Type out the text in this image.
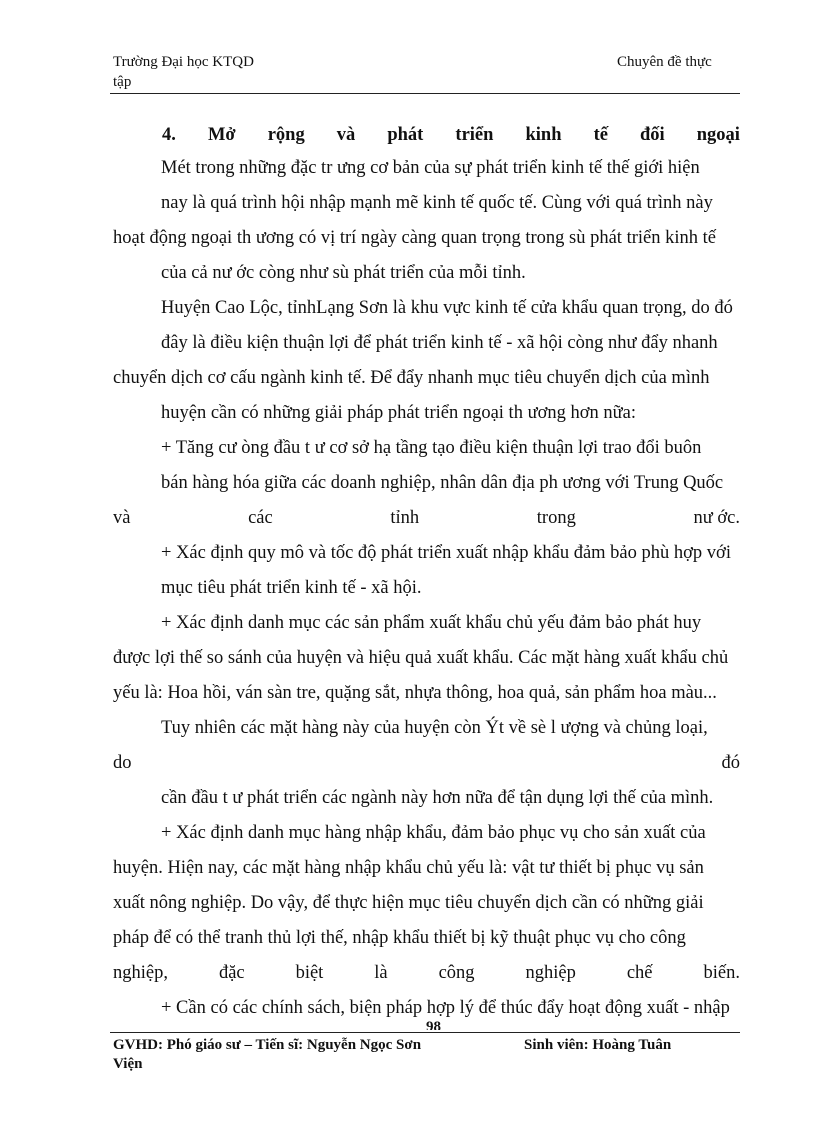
Trường Đại học KTQD
tập
Chuyên đề thực
4. Mở rộng và phát triển kinh tế đối ngoại
Mét trong những đặc tr ưng cơ bản của sự phát triển kinh tế thế giới hiện
nay là quá trình hội nhập mạnh mẽ kinh tế quốc tế. Cùng với quá trình này
hoạt động ngoại th ương có vị trí ngày càng quan trọng trong sù phát triển kinh tế
của cả nư ớc còng như sù phát triển của mỗi tỉnh.
Huyện Cao Lộc, tỉnhLạng Sơn là khu vực kinh tế cửa khẩu quan trọng, do đó
đây là điều kiện thuận lợi để phát triển kinh tế - xã hội còng như đẩy nhanh
chuyển dịch cơ cấu ngành kinh tế. Để đẩy nhanh mục tiêu chuyển dịch của mình
huyện cần có những giải pháp phát triển ngoại th ương hơn nữa:
+ Tăng cư òng đầu t ư cơ sở hạ tầng tạo điều kiện thuận lợi trao đổi buôn
bán hàng hóa giữa các doanh nghiệp, nhân dân địa ph ương với Trung Quốc
và	các	tỉnh	trong	nư ớc.
+ Xác định quy mô và tốc độ phát triển xuất nhập khẩu đảm bảo phù hợp với
mục tiêu phát triển kinh tế - xã hội.
+ Xác định danh mục các sản phẩm xuất khẩu chủ yếu đảm bảo phát huy
được lợi thế so sánh của huyện và hiệu quả xuất khẩu. Các mặt hàng xuất khẩu chủ
yếu là: Hoa hồi, ván sàn tre, quặng sắt, nhựa thông, hoa quả, sản phẩm hoa màu...
Tuy nhiên các mặt hàng này của huyện còn Ýt về sè l ượng và chủng loại,
do	đó
cần đầu t ư phát triển các ngành này hơn nữa để tận dụng lợi thế của mình.
+ Xác định danh mục hàng nhập khẩu, đảm bảo phục vụ cho sản xuất của
huyện. Hiện nay, các mặt hàng nhập khẩu chủ yếu là: vật tư thiết bị phục vụ sản
xuất nông nghiệp. Do vậy, để thực hiện mục tiêu chuyển dịch cần có những giải
pháp để có thể tranh thủ lợi thế, nhập khẩu thiết bị kỹ thuật phục vụ cho công
nghiệp,	đặc	biệt	là	công	nghiệp	chế	biến.
+ Cần có các chính sách, biện pháp hợp lý để thúc đẩy hoạt động xuất - nhập
98
GVHD: Phó giáo sư – Tiến sĩ: Nguyễn Ngọc Sơn
Viện
Sinh viên: Hoàng Tuân
